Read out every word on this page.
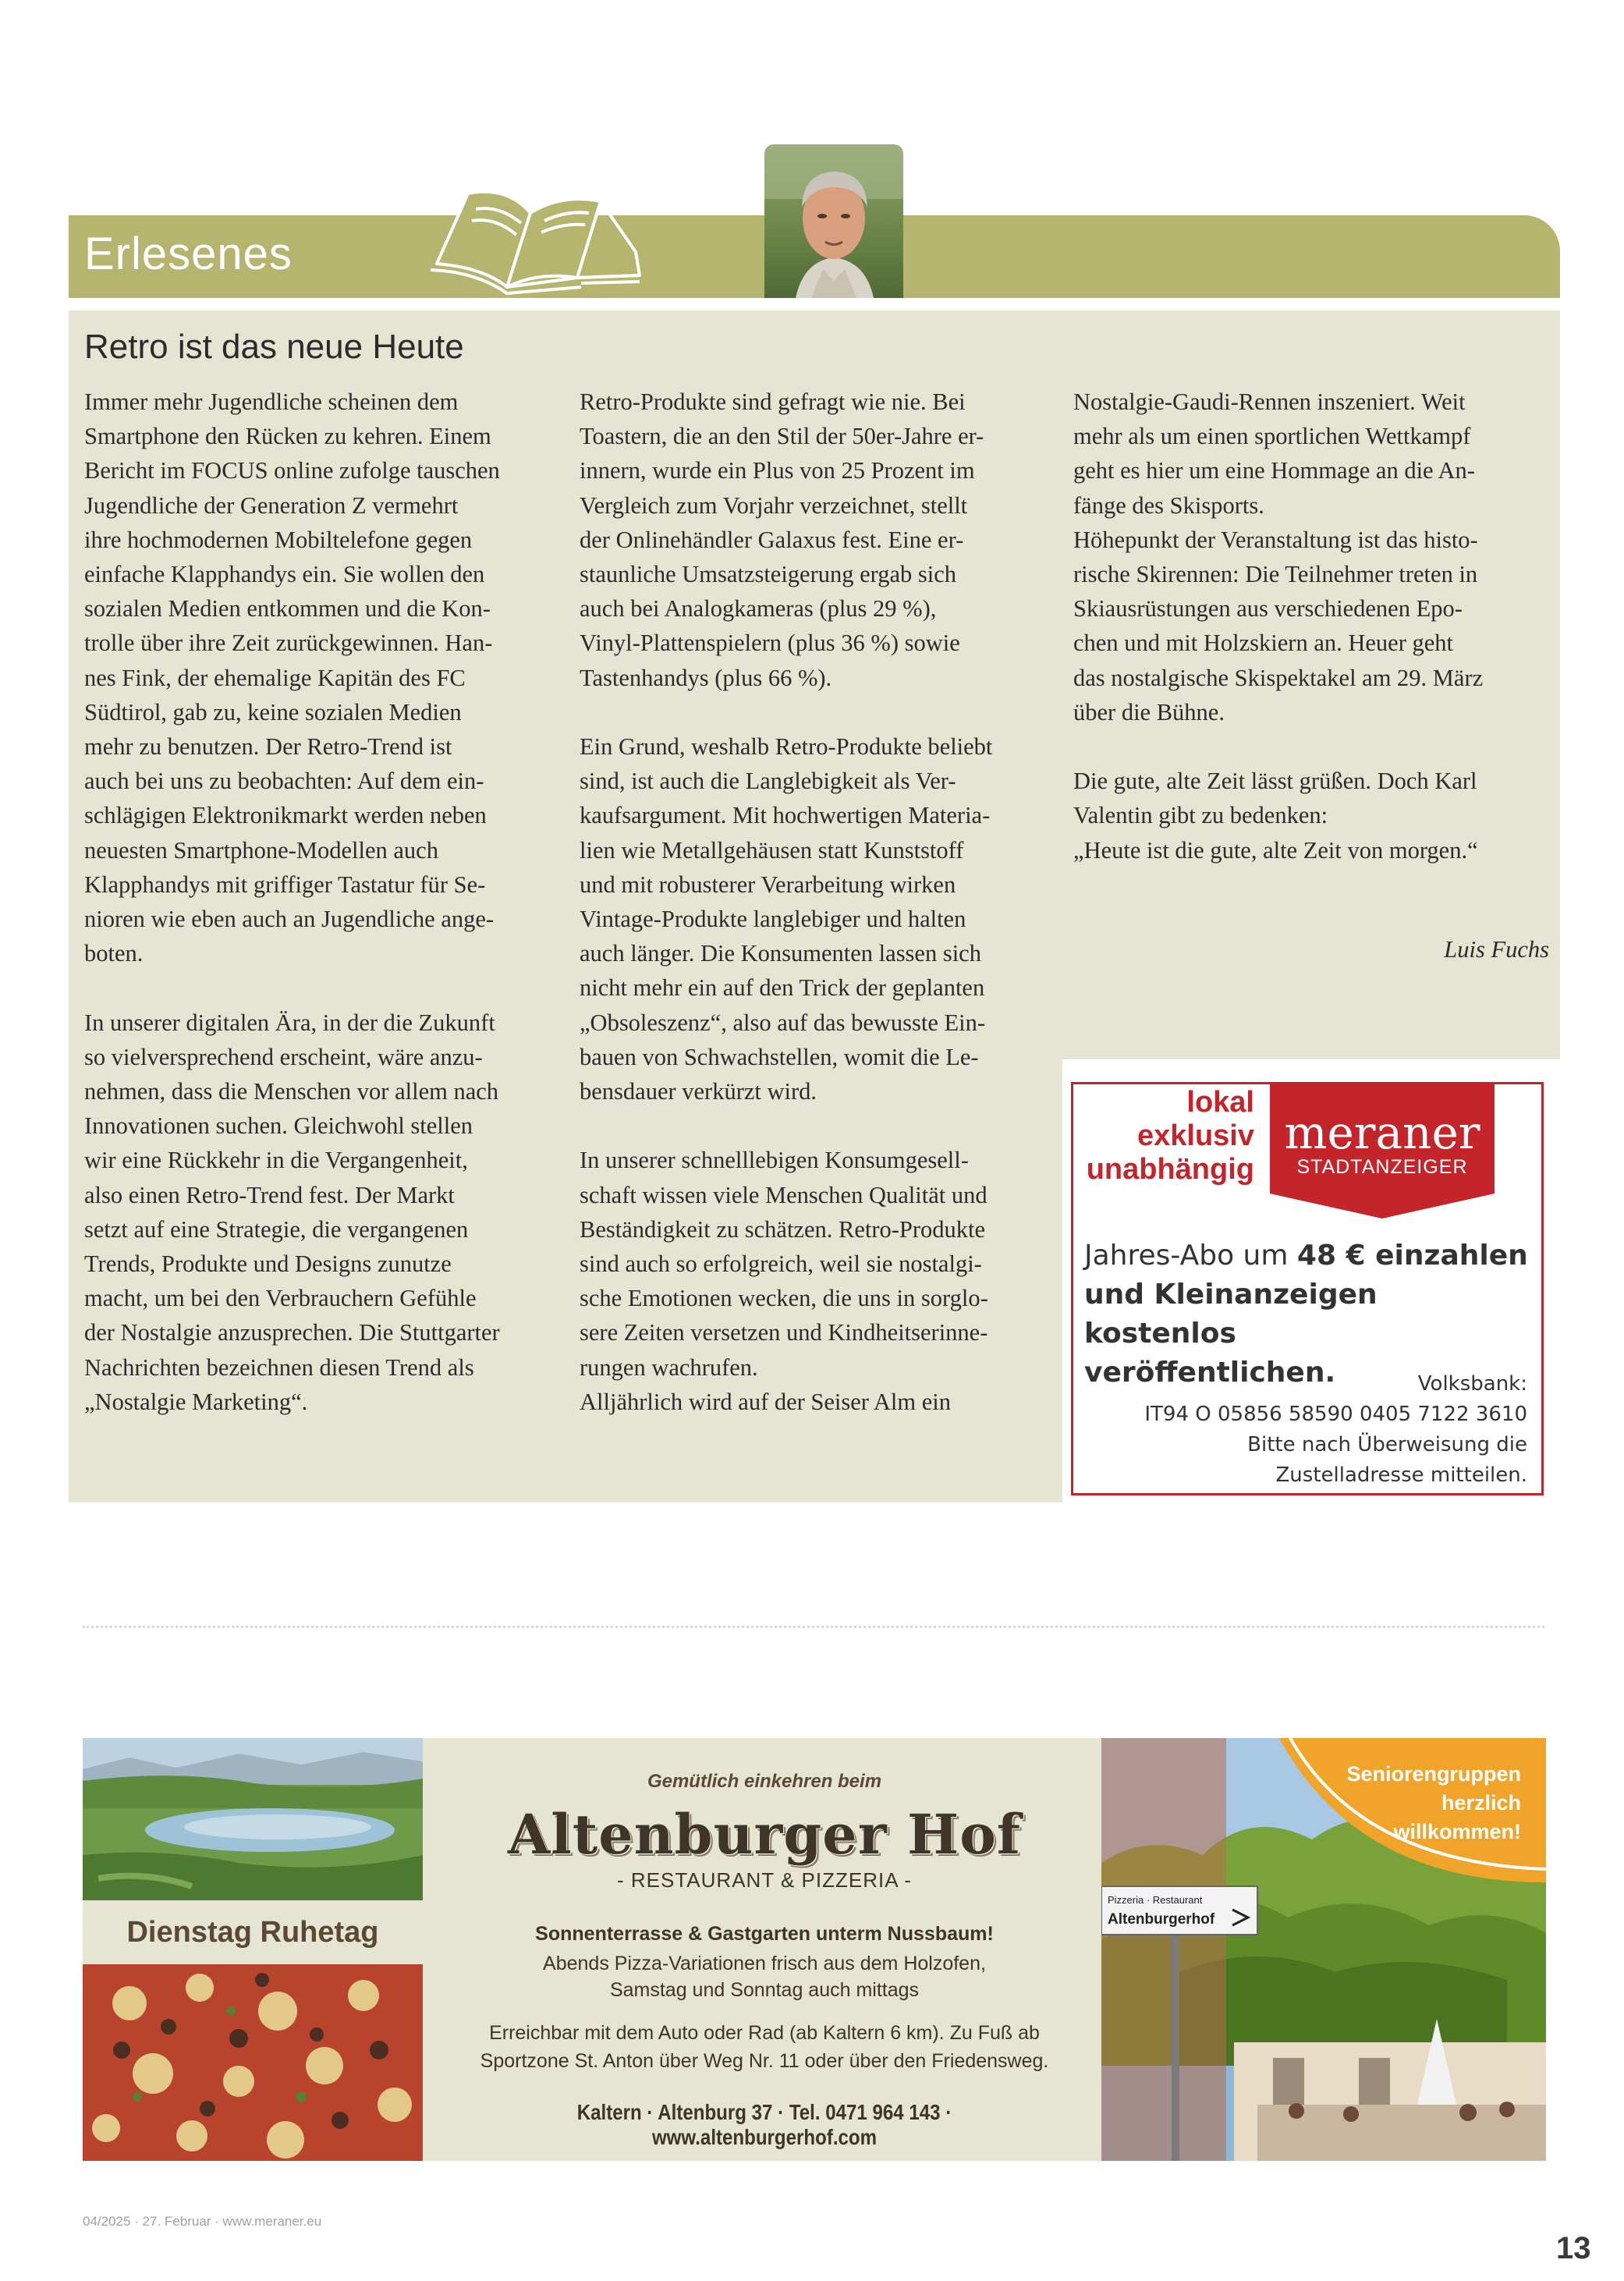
Erlesenes
Retro ist das neue Heute
Immer mehr Jugendliche scheinen dem
Smartphone den Rücken zu kehren. Einem
Bericht im FOCUS online zufolge tauschen
Jugendliche der Generation Z vermehrt
ihre hochmodernen Mobiltelefone gegen
einfache Klapphandys ein. Sie wollen den
sozialen Medien entkommen und die Kon-
trolle über ihre Zeit zurückgewinnen. Han-
nes Fink, der ehemalige Kapitän des FC
Südtirol, gab zu, keine sozialen Medien
mehr zu benutzen. Der Retro-Trend ist
auch bei uns zu beobachten: Auf dem ein-
schlägigen Elektronikmarkt werden neben
neuesten Smartphone-Modellen auch
Klapphandys mit griffiger Tastatur für Se-
nioren wie eben auch an Jugendliche ange-
boten.

In unserer digitalen Ära, in der die Zukunft
so vielversprechend erscheint, wäre anzu-
nehmen, dass die Menschen vor allem nach
Innovationen suchen. Gleichwohl stellen
wir eine Rückkehr in die Vergangenheit,
also einen Retro-Trend fest. Der Markt
setzt auf eine Strategie, die vergangenen
Trends, Produkte und Designs zunutze
macht, um bei den Verbrauchern Gefühle
der Nostalgie anzusprechen. Die Stuttgarter
Nachrichten bezeichnen diesen Trend als
„Nostalgie Marketing“.
Retro-Produkte sind gefragt wie nie. Bei
Toastern, die an den Stil der 50er-Jahre er-
innern, wurde ein Plus von 25 Prozent im
Vergleich zum Vorjahr verzeichnet, stellt
der Onlinehändler Galaxus fest. Eine er-
staunliche Umsatzsteigerung ergab sich
auch bei Analogkameras (plus 29 %),
Vinyl-Plattenspielern (plus 36 %) sowie
Tastenhandys (plus 66 %).

Ein Grund, weshalb Retro-Produkte beliebt
sind, ist auch die Langlebigkeit als Ver-
kaufsargument. Mit hochwertigen Materia-
lien wie Metallgehäusen statt Kunststoff
und mit robusterer Verarbeitung wirken
Vintage-Produkte langlebiger und halten
auch länger. Die Konsumenten lassen sich
nicht mehr ein auf den Trick der geplanten
„Obsoleszenz“, also auf das bewusste Ein-
bauen von Schwachstellen, womit die Le-
bensdauer verkürzt wird.

In unserer schnelllebigen Konsumgesell-
schaft wissen viele Menschen Qualität und
Beständigkeit zu schätzen. Retro-Produkte
sind auch so erfolgreich, weil sie nostalgi-
sche Emotionen wecken, die uns in sorglo-
sere Zeiten versetzen und Kindheitserinne-
rungen wachrufen.
Alljährlich wird auf der Seiser Alm ein
Nostalgie-Gaudi-Rennen inszeniert. Weit
mehr als um einen sportlichen Wettkampf
geht es hier um eine Hommage an die An-
fänge des Skisports.
Höhepunkt der Veranstaltung ist das histo-
rische Skirennen: Die Teilnehmer treten in
Skiausrüstungen aus verschiedenen Epo-
chen und mit Holzskiern an. Heuer geht
das nostalgische Skispektakel am 29. März
über die Bühne.

Die gute, alte Zeit lässt grüßen. Doch Karl
Valentin gibt zu bedenken:
„Heute ist die gute, alte Zeit von morgen.“
Luis Fuchs
lokal
exklusiv
unabhängig
meraner
STADTANZEIGER
Jahres-Abo um 48 € einzahlen
und Kleinanzeigen kostenlos
veröffentlichen.	Volksbank:
IT94 O 05856 58590 0405 7122 3610
Bitte nach Überweisung die
Zustelladresse mitteilen.
Dienstag Ruhetag
Gemütlich einkehren beim
Altenburger Hof
- RESTAURANT & PIZZERIA -
Sonnenterrasse & Gastgarten unterm Nussbaum!
Abends Pizza-Variationen frisch aus dem Holzofen,
Samstag und Sonntag auch mittags
Erreichbar mit dem Auto oder Rad (ab Kaltern 6 km). Zu Fuß ab
Sportzone St. Anton über Weg Nr. 11 oder über den Friedensweg.
Kaltern · Altenburg 37 · Tel. 0471 964 143 · www.altenburgerhof.com
Pizzeria · Restaurant
Altenburgerhof
Seniorengruppen
herzlich
willkommen!
04/2025 · 27. Februar · www.meraner.eu
13
